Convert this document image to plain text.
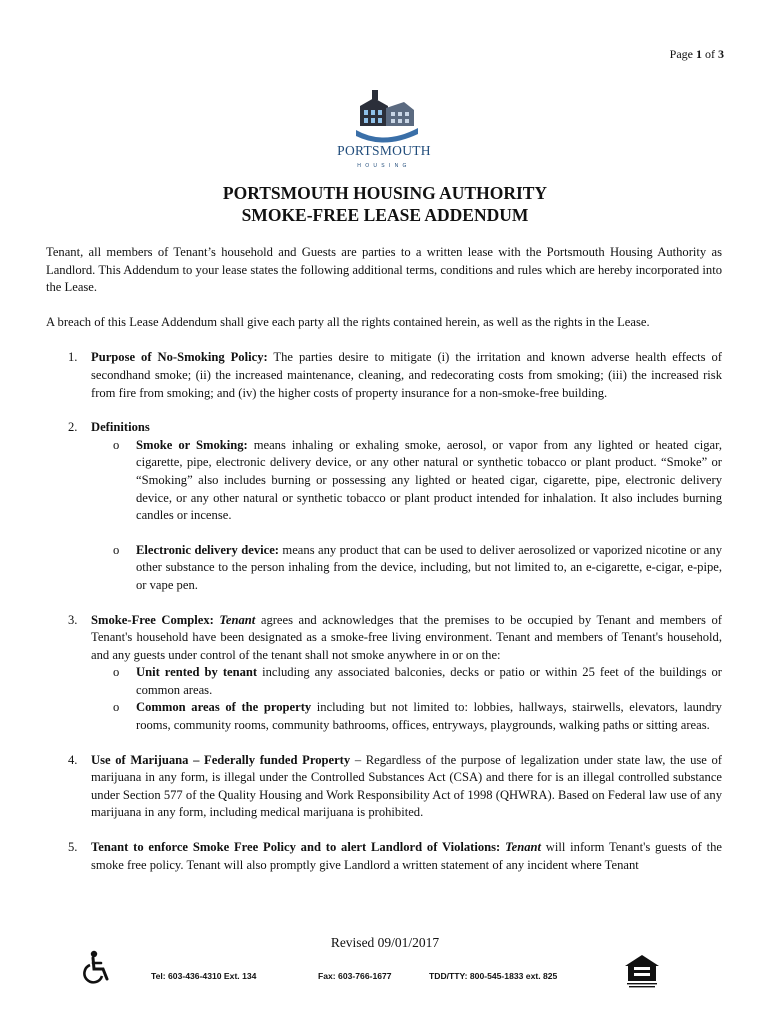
Page 1 of 3
PORTSMOUTH
HOUSING
PORTSMOUTH HOUSING AUTHORITY
SMOKE-FREE LEASE ADDENDUM

Tenant, all members of Tenant’s household and Guests are parties to a written lease with the Portsmouth Housing Authority as Landlord. This Addendum to your lease states the following additional terms, conditions and rules which are hereby incorporated into the Lease.

A breach of this Lease Addendum shall give each party all the rights contained herein, as well as the rights in the Lease.

1. Purpose of No-Smoking Policy: The parties desire to mitigate (i) the irritation and known adverse health effects of secondhand smoke; (ii) the increased maintenance, cleaning, and redecorating costs from smoking; (iii) the increased risk from fire from smoking; and (iv) the higher costs of property insurance for a non-smoke-free building.
2. Definitions
o Smoke or Smoking: means inhaling or exhaling smoke, aerosol, or vapor from any lighted or heated cigar, cigarette, pipe, electronic delivery device, or any other natural or synthetic tobacco or plant product. “Smoke” or “Smoking” also includes burning or possessing any lighted or heated cigar, cigarette, pipe, electronic delivery device, or any other natural or synthetic tobacco or plant product intended for inhalation. It also includes burning candles or incense.
o Electronic delivery device: means any product that can be used to deliver aerosolized or vaporized nicotine or any other substance to the person inhaling from the device, including, but not limited to, an e-cigarette, e-cigar, e-pipe, or vape pen.
3. Smoke-Free Complex: Tenant agrees and acknowledges that the premises to be occupied by Tenant and members of Tenant's household have been designated as a smoke-free living environment. Tenant and members of Tenant's household, and any guests under control of the tenant shall not smoke anywhere in or on the:
o Unit rented by tenant including any associated balconies, decks or patio or within 25 feet of the buildings or common areas.
o Common areas of the property including but not limited to: lobbies, hallways, stairwells, elevators, laundry rooms, community rooms, community bathrooms, offices, entryways, playgrounds, walking paths or sitting areas.
4. Use of Marijuana – Federally funded Property – Regardless of the purpose of legalization under state law, the use of marijuana in any form, is illegal under the Controlled Substances Act (CSA) and there for is an illegal controlled substance under Section 577 of the Quality Housing and Work Responsibility Act of 1998 (QHWRA). Based on Federal law use of any marijuana in any form, including medical marijuana is prohibited.
5. Tenant to enforce Smoke Free Policy and to alert Landlord of Violations: Tenant will inform Tenant's guests of the smoke free policy. Tenant will also promptly give Landlord a written statement of any incident where Tenant
Revised 09/01/2017
Tel: 603-436-4310 Ext. 134	Fax: 603-766-1677	TDD/TTY: 800-545-1833 ext. 825
